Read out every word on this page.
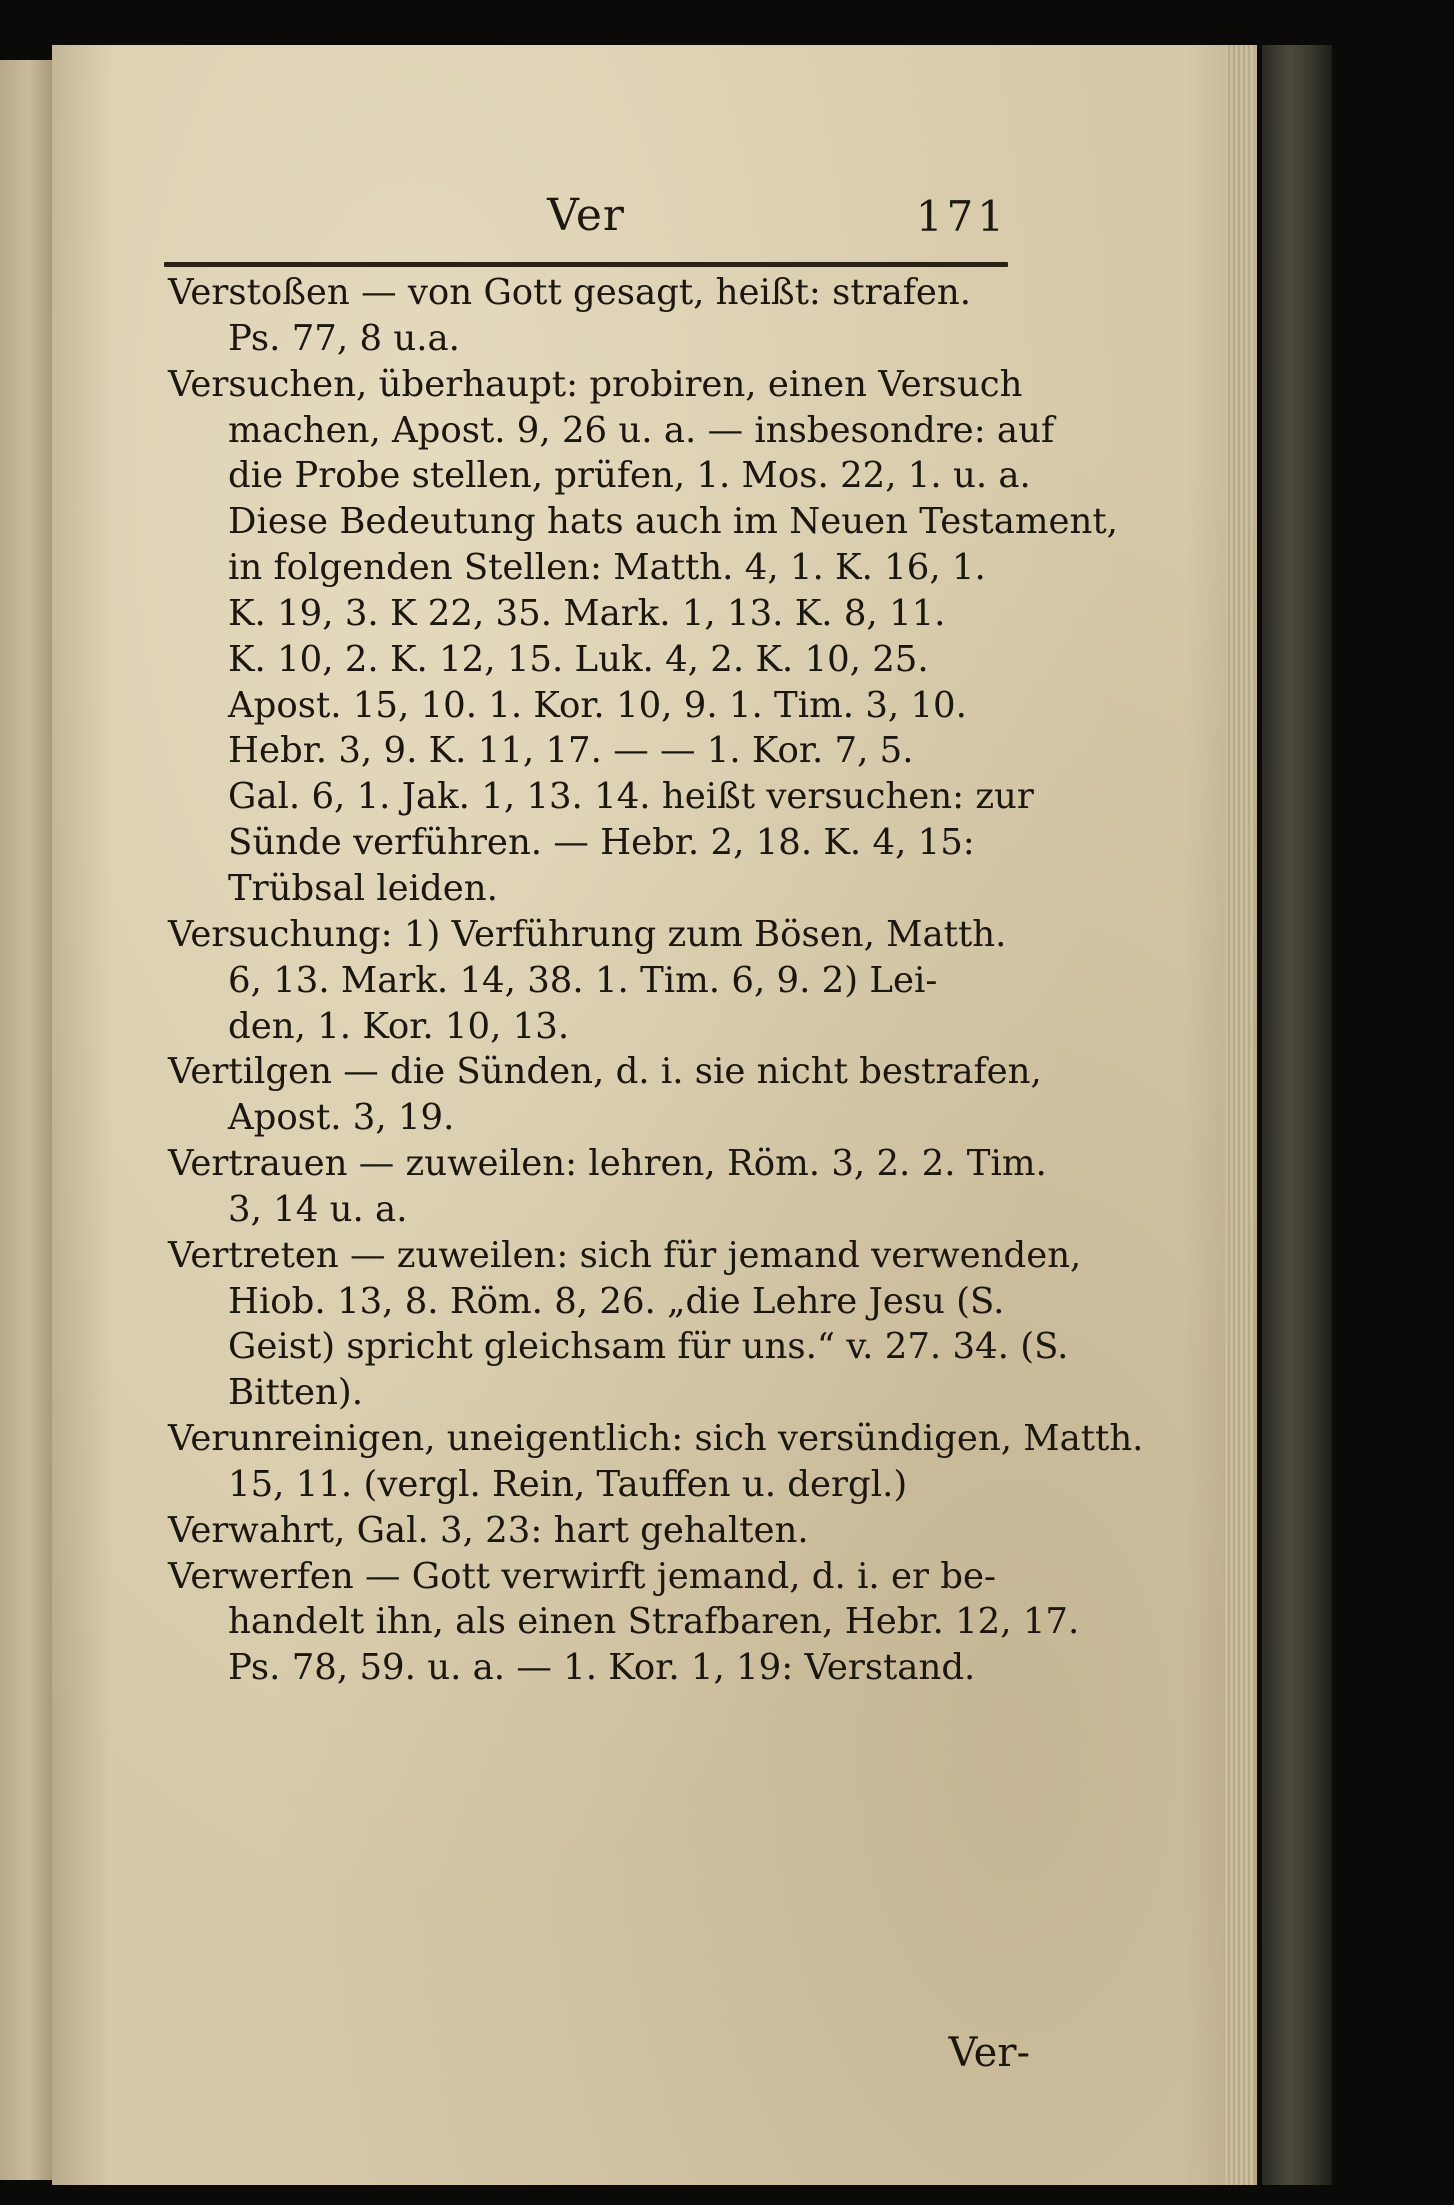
Ver	171
Verstoßen — von Gott gesagt, heißt: strafen.
Ps. 77, 8 u.a.
Versuchen, überhaupt: probiren, einen Versuch
machen, Apost. 9, 26 u. a. — insbesondre: auf
die Probe stellen, prüfen, 1. Mos. 22, 1. u. a.
Diese Bedeutung hats auch im Neuen Testament,
in folgenden Stellen: Matth. 4, 1. K. 16, 1.
K. 19, 3. K 22, 35. Mark. 1, 13. K. 8, 11.
K. 10, 2. K. 12, 15. Luk. 4, 2. K. 10, 25.
Apost. 15, 10. 1. Kor. 10, 9. 1. Tim. 3, 10.
Hebr. 3, 9. K. 11, 17. — — 1. Kor. 7, 5.
Gal. 6, 1. Jak. 1, 13. 14. heißt versuchen: zur
Sünde verführen. — Hebr. 2, 18. K. 4, 15:
Trübsal leiden.
Versuchung: 1) Verführung zum Bösen, Matth.
6, 13. Mark. 14, 38. 1. Tim. 6, 9. 2) Lei-
den, 1. Kor. 10, 13.
Vertilgen — die Sünden, d. i. sie nicht bestrafen,
Apost. 3, 19.
Vertrauen — zuweilen: lehren, Röm. 3, 2. 2. Tim.
3, 14 u. a.
Vertreten — zuweilen: sich für jemand verwenden,
Hiob. 13, 8. Röm. 8, 26. „die Lehre Jesu (S.
Geist) spricht gleichsam für uns.“ v. 27. 34. (S.
Bitten).
Verunreinigen, uneigentlich: sich versündigen, Matth.
15, 11. (vergl. Rein, Tauffen u. dergl.)
Verwahrt, Gal. 3, 23: hart gehalten.
Verwerfen — Gott verwirft jemand, d. i. er be-
handelt ihn, als einen Strafbaren, Hebr. 12, 17.
Ps. 78, 59. u. a. — 1. Kor. 1, 19: Verstand.
Ver-
